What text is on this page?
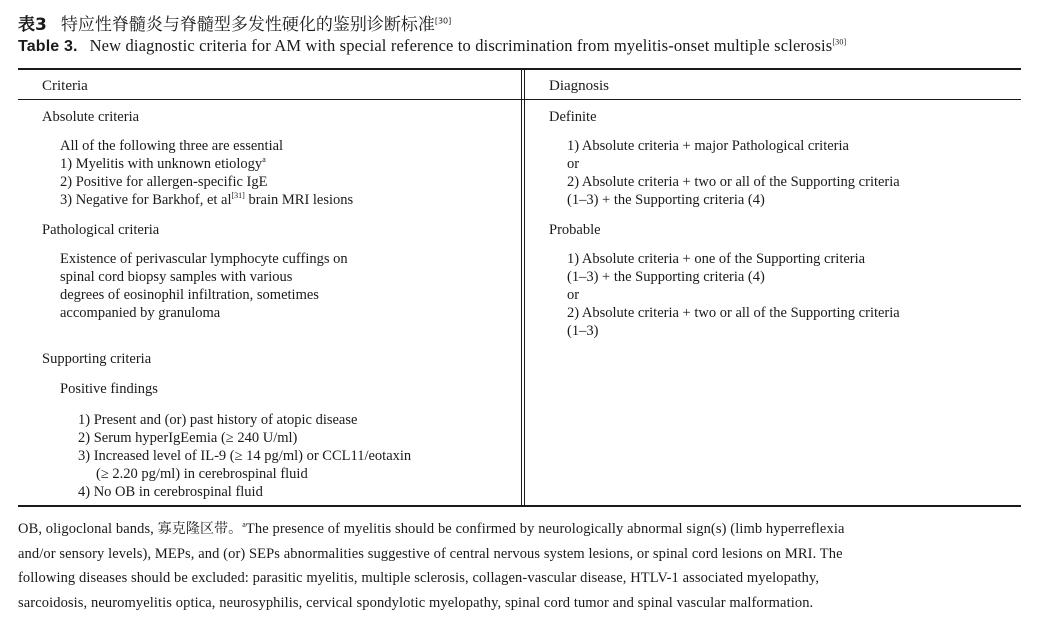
表3 特应性脊髓炎与脊髓型多发性硬化的鉴别诊断标准[30]
Table 3. New diagnostic criteria for AM with special reference to discrimination from myelitis-onset multiple sclerosis[30]
Criteria	Diagnosis
Absolute criteria
All of the following three are essential
1) Myelitis with unknown etiology$^a$
2) Positive for allergen-specific IgE
3) Negative for Barkhof, et al[31] brain MRI lesions
Pathological criteria
Existence of perivascular lymphocyte cuffings on
spinal cord biopsy samples with various
degrees of eosinophil infiltration, sometimes
accompanied by granuloma
Supporting criteria
Positive findings
1) Present and (or) past history of atopic disease
2) Serum hyperIgEemia (≥ 240 U/ml)
3) Increased level of IL-9 (≥ 14 pg/ml) or CCL11/eotaxin
(≥ 2.20 pg/ml) in cerebrospinal fluid
4) No OB in cerebrospinal fluid
Definite
1) Absolute criteria + major Pathological criteria
or
2) Absolute criteria + two or all of the Supporting criteria
(1–3) + the Supporting criteria (4)
Probable
1) Absolute criteria + one of the Supporting criteria
(1–3) + the Supporting criteria (4)
or
2) Absolute criteria + two or all of the Supporting criteria
(1–3)
OB, oligoclonal bands, 寡克隆区带。$^a$The presence of myelitis should be confirmed by neurologically abnormal sign(s) (limb hyperreflexia
and/or sensory levels), MEPs, and (or) SEPs abnormalities suggestive of central nervous system lesions, or spinal cord lesions on MRI. The
following diseases should be excluded: parasitic myelitis, multiple sclerosis, collagen-vascular disease, HTLV-1 associated myelopathy,
sarcoidosis, neuromyelitis optica, neurosyphilis, cervical spondylotic myelopathy, spinal cord tumor and spinal vascular malformation.
